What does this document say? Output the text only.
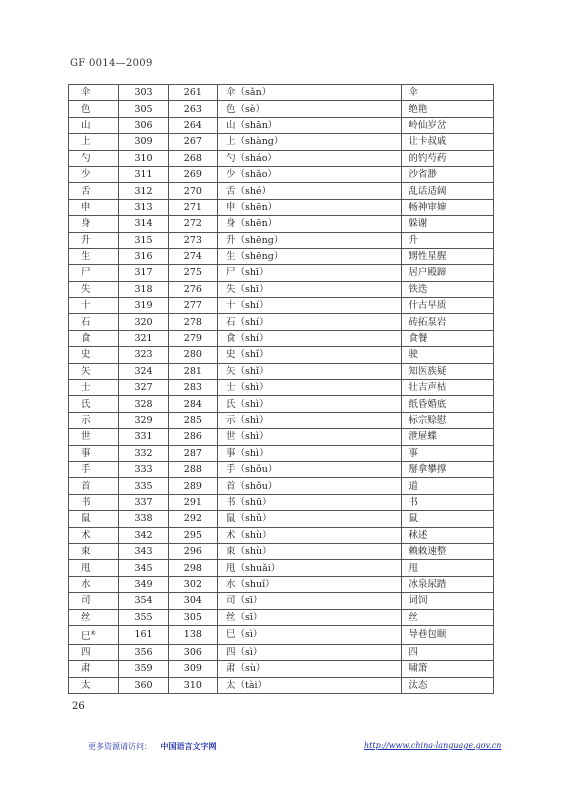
GF 0014—2009
伞	303	261	伞（sǎn）	伞
色	305	263	色（sè）	绝艳
山	306	264	山（shān）	岭仙岁岔
上	309	267	上（shàng）	让卡叔戚
勺	310	268	勺（sháo）	的钓芍药
少	311	269	少（shǎo）	沙省渺
舌	312	270	舌（shé）	乱话适阔
申	313	271	申（shēn）	畅神审婶
身	314	272	身（shēn）	躲谢
升	315	273	升（shēng）	升
生	316	274	生（shēng）	甥性星腥
尸	317	275	尸（shī）	居户殿蹄
失	318	276	失（shī）	铁迭
十	319	277	十（shí）	什古早质
石	320	278	石（shí）	砖拓泵岩
食	321	279	食（shí）	食餐
史	323	280	史（shǐ）	驶
矢	324	281	矢（shǐ）	知医族疑
士	327	283	士（shì）	壮吉声枯
氏	328	284	氏（shì）	纸昏婚底
示	329	285	示（shì）	标宗赊慰
世	331	286	世（shì）	泄屉蝶
事	332	287	事（shì）	事
手	333	288	手（shǒu）	掰拿攀撑
首	335	289	首（shǒu）	道
书	337	291	书（shū）	书
鼠	338	292	鼠（shǔ）	鼠
术	342	295	术（shù）	秫述
束	343	296	束（shù）	赖敕速整
甩	345	298	甩（shuǎi）	甩
水	349	302	水（shuǐ）	冰泉尿踏
司	354	304	司（sī）	词饲
丝	355	305	丝（sī）	丝
巳⑥	161	138	巳（sì）	导巷包颐
四	356	306	四（sì）	四
肃	359	309	肃（sù）	啸箫
太	360	310	太（tài）	汰态
26
更多资源请访问： 中国语言文字网	http://www.china-language.gov.cn
